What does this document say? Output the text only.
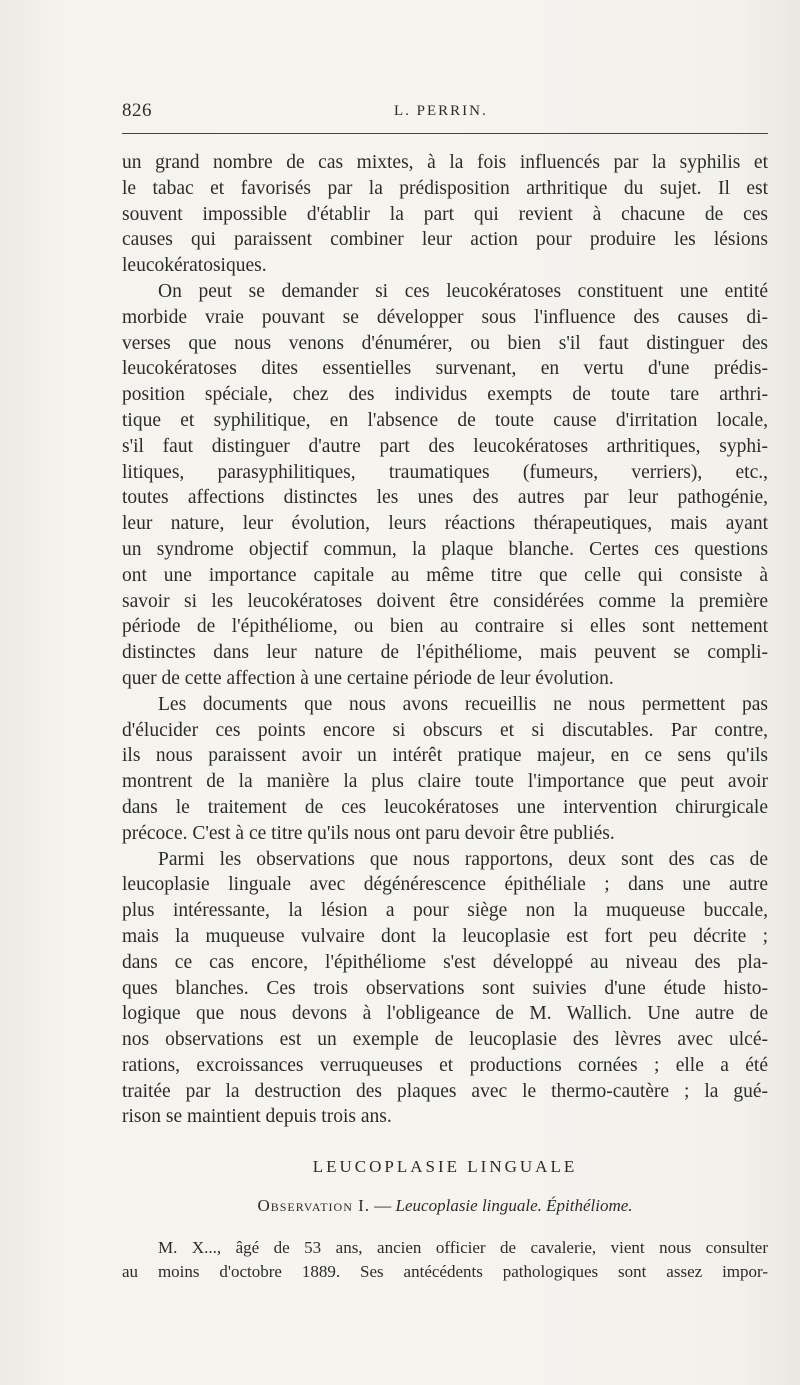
826	L. PERRIN.
un grand nombre de cas mixtes, à la fois influencés par la syphilis et
le tabac et favorisés par la prédisposition arthritique du sujet. Il est
souvent impossible d'établir la part qui revient à chacune de ces
causes qui paraissent combiner leur action pour produire les lésions
leucokératosiques.
On peut se demander si ces leucokératoses constituent une entité
morbide vraie pouvant se développer sous l'influence des causes di-
verses que nous venons d'énumérer, ou bien s'il faut distinguer des
leucokératoses dites essentielles survenant, en vertu d'une prédis-
position spéciale, chez des individus exempts de toute tare arthri-
tique et syphilitique, en l'absence de toute cause d'irritation locale,
s'il faut distinguer d'autre part des leucokératoses arthritiques, syphi-
litiques, parasyphilitiques, traumatiques (fumeurs, verriers), etc.,
toutes affections distinctes les unes des autres par leur pathogénie,
leur nature, leur évolution, leurs réactions thérapeutiques, mais ayant
un syndrome objectif commun, la plaque blanche. Certes ces questions
ont une importance capitale au même titre que celle qui consiste à
savoir si les leucokératoses doivent être considérées comme la première
période de l'épithéliome, ou bien au contraire si elles sont nettement
distinctes dans leur nature de l'épithéliome, mais peuvent se compli-
quer de cette affection à une certaine période de leur évolution.
Les documents que nous avons recueillis ne nous permettent pas
d'élucider ces points encore si obscurs et si discutables. Par contre,
ils nous paraissent avoir un intérêt pratique majeur, en ce sens qu'ils
montrent de la manière la plus claire toute l'importance que peut avoir
dans le traitement de ces leucokératoses une intervention chirurgicale
précoce. C'est à ce titre qu'ils nous ont paru devoir être publiés.
Parmi les observations que nous rapportons, deux sont des cas de
leucoplasie linguale avec dégénérescence épithéliale ; dans une autre
plus intéressante, la lésion a pour siège non la muqueuse buccale,
mais la muqueuse vulvaire dont la leucoplasie est fort peu décrite ;
dans ce cas encore, l'épithéliome s'est développé au niveau des pla-
ques blanches. Ces trois observations sont suivies d'une étude histo-
logique que nous devons à l'obligeance de M. Wallich. Une autre de
nos observations est un exemple de leucoplasie des lèvres avec ulcé-
rations, excroissances verruqueuses et productions cornées ; elle a été
traitée par la destruction des plaques avec le thermo-cautère ; la gué-
rison se maintient depuis trois ans.
LEUCOPLASIE LINGUALE
Observation I. — Leucoplasie linguale. Épithéliome.
M. X..., âgé de 53 ans, ancien officier de cavalerie, vient nous consulter
au moins d'octobre 1889. Ses antécédents pathologiques sont assez impor-
